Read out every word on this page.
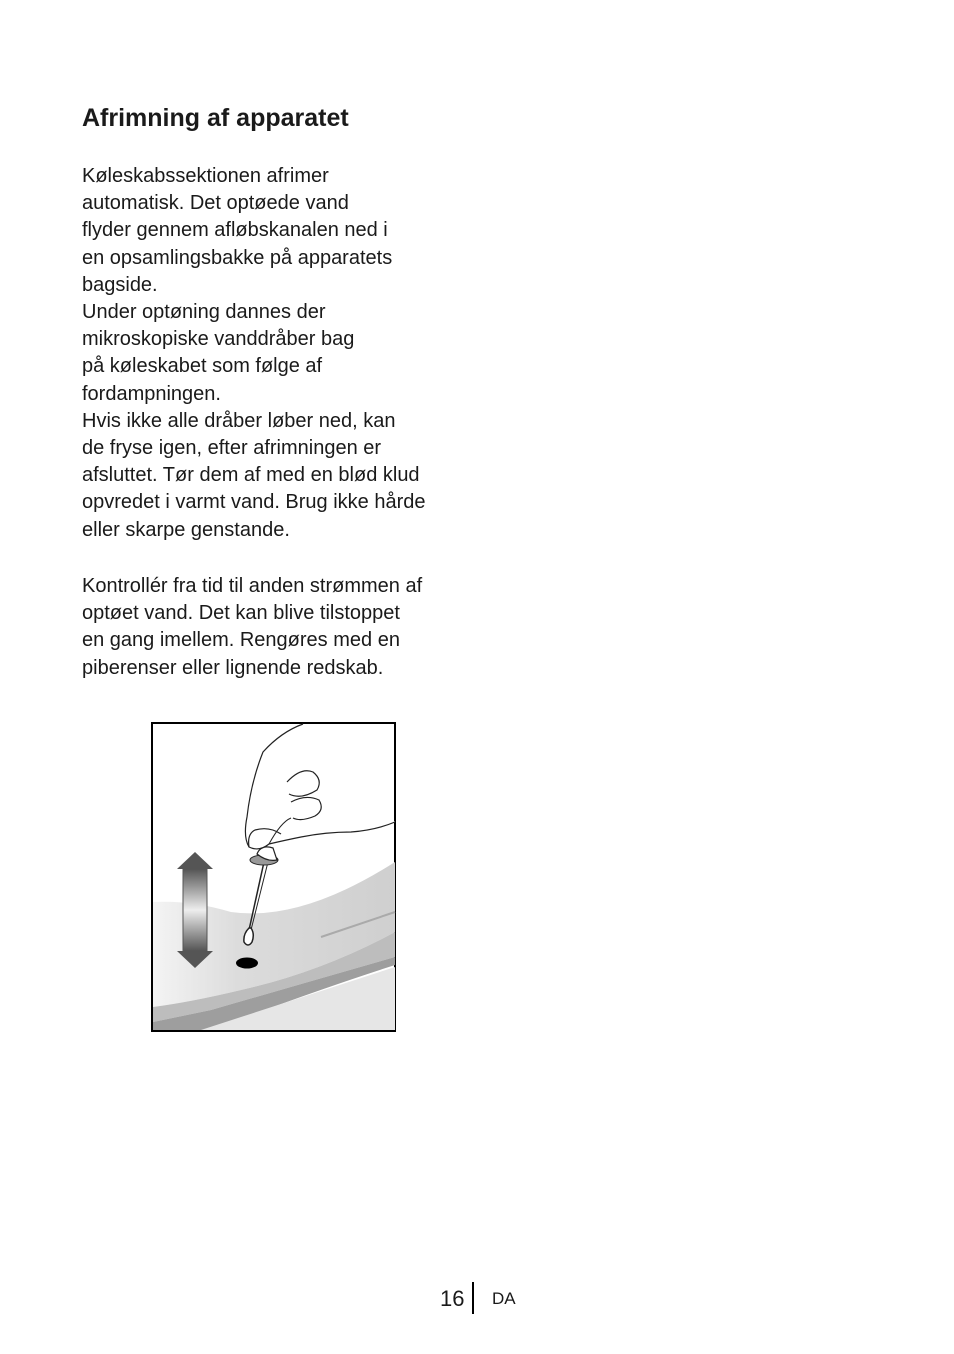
Afrimning af apparatet
Køleskabssektionen afrimer
automatisk. Det optøede vand
flyder gennem afløbskanalen ned i
en opsamlingsbakke på apparatets
bagside.
Under optøning dannes der
mikroskopiske vanddråber bag
på køleskabet som følge af
fordampningen.
Hvis ikke alle dråber løber ned, kan
de fryse igen, efter afrimningen er
afsluttet. Tør dem af med en blød klud
opvredet i varmt vand. Brug ikke hårde
eller skarpe genstande.
Kontrollér fra tid til anden strømmen af
optøet vand. Det kan blive tilstoppet
en gang imellem. Rengøres med en
piberenser eller lignende redskab.
16 DA
